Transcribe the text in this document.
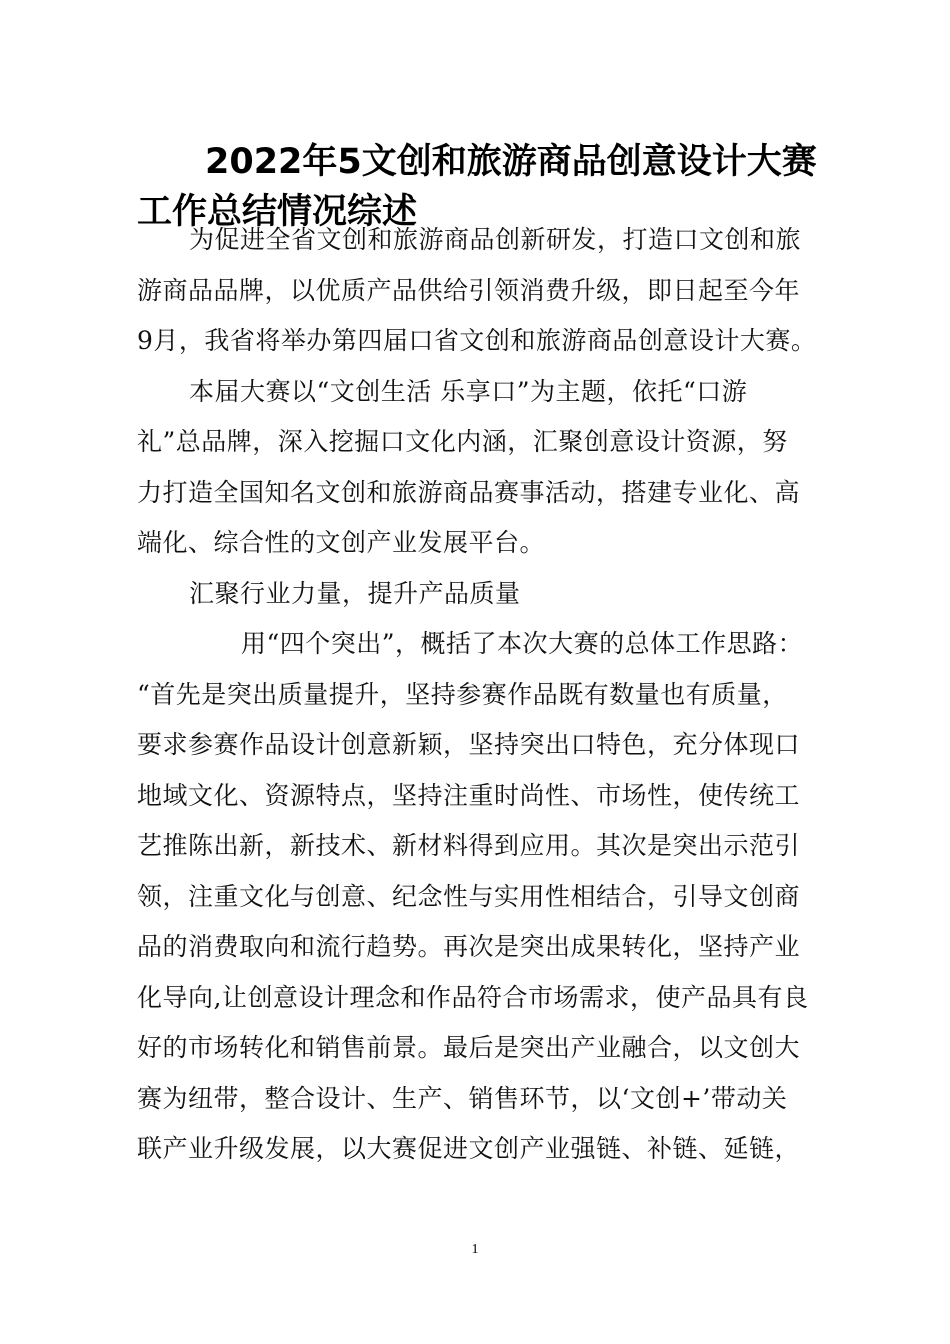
2022年5文创和旅游商品创意设计大赛
工作总结情况综述
为促进全省文创和旅游商品创新研发，打造口文创和旅
游商品品牌，以优质产品供给引领消费升级，即日起至今年
9月，我省将举办第四届口省文创和旅游商品创意设计大赛。
本届大赛以“文创生活 乐享口”为主题，依托“口游
礼”总品牌，深入挖掘口文化内涵，汇聚创意设计资源，努
力打造全国知名文创和旅游商品赛事活动，搭建专业化、高
端化、综合性的文创产业发展平台。
汇聚行业力量，提升产品质量
用“四个突出”，概括了本次大赛的总体工作思路：
“首先是突出质量提升，坚持参赛作品既有数量也有质量，
要求参赛作品设计创意新颖，坚持突出口特色，充分体现口
地域文化、资源特点，坚持注重时尚性、市场性，使传统工
艺推陈出新，新技术、新材料得到应用。其次是突出示范引
领，注重文化与创意、纪念性与实用性相结合，引导文创商
品的消费取向和流行趋势。再次是突出成果转化，坚持产业
化导向,让创意设计理念和作品符合市场需求，使产品具有良
好的市场转化和销售前景。最后是突出产业融合，以文创大
赛为纽带，整合设计、生产、销售环节，以‘文创+’带动关
联产业升级发展，以大赛促进文创产业强链、补链、延链，
1
